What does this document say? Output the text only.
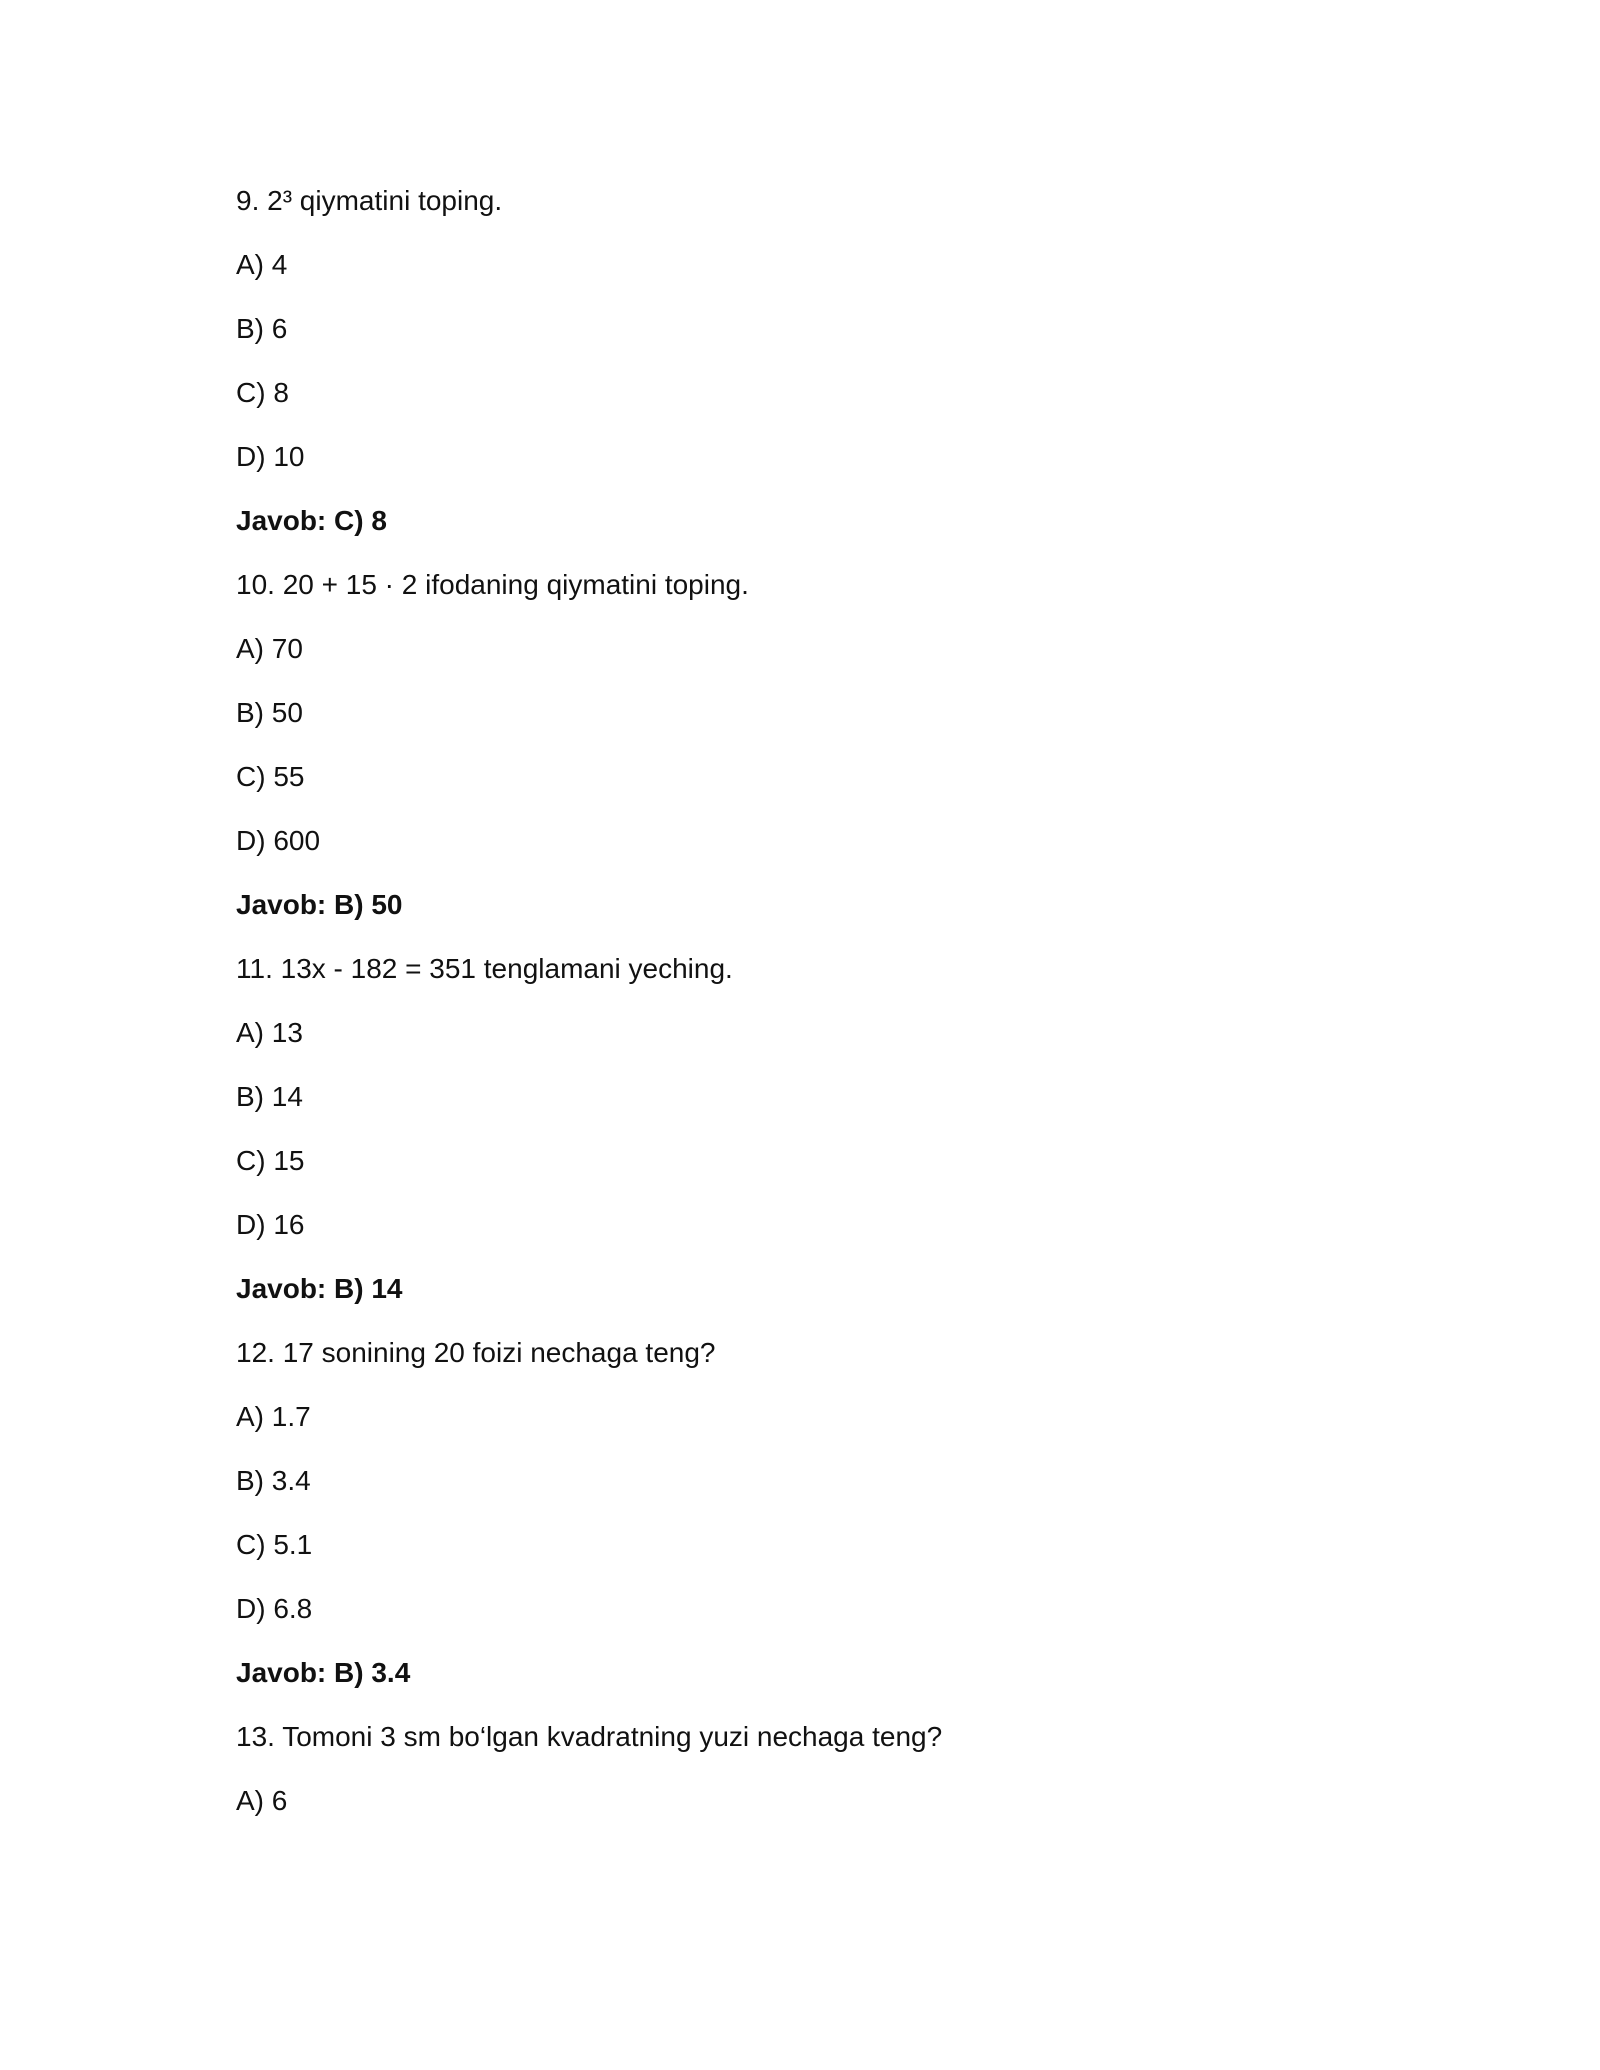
9. 2³ qiymatini toping.
A) 4
B) 6
C) 8
D) 10
Javob: C) 8
10. 20 + 15 · 2 ifodaning qiymatini toping.
A) 70
B) 50
C) 55
D) 600
Javob: B) 50
11. 13x - 182 = 351 tenglamani yeching.
A) 13
B) 14
C) 15
D) 16
Javob: B) 14
12. 17 sonining 20 foizi nechaga teng?
A) 1.7
B) 3.4
C) 5.1
D) 6.8
Javob: B) 3.4
13. Tomoni 3 sm bo‘lgan kvadratning yuzi nechaga teng?
A) 6
